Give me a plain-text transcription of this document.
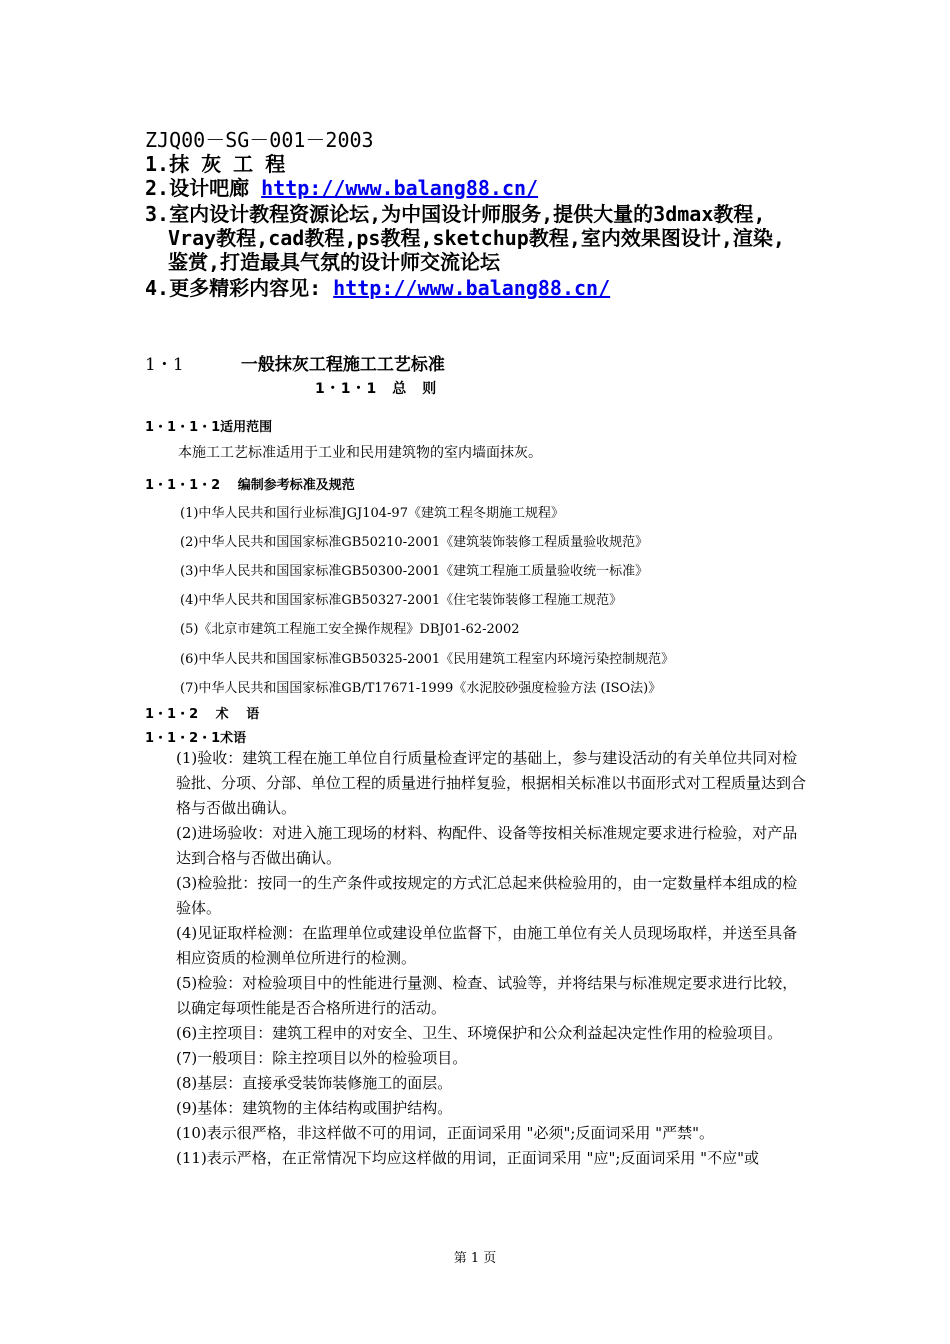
ZJQ00－SG－001－2003
1.抹 灰 工 程
2.设计吧廊 http://www.balang88.cn/
3.室内设计教程资源论坛,为中国设计师服务,提供大量的3dmax教程,
Vray教程,cad教程,ps教程,sketchup教程,室内效果图设计,渲染,
鉴赏,打造最具气氛的设计师交流论坛
4.更多精彩内容见: http://www.balang88.cn/
1・1	一般抹灰工程施工工艺标准
1・1・1　总　则
1・1・1・1适用范围
本施工工艺标准适用于工业和民用建筑物的室内墙面抹灰。
1・1・1・2　 编制参考标准及规范
(1)中华人民共和国行业标准JGJ104-97《建筑工程冬期施工规程》
(2)中华人民共和国国家标准GB50210-2001《建筑装饰装修工程质量验收规范》
(3)中华人民共和国国家标准GB50300-2001《建筑工程施工质量验收统一标准》
(4)中华人民共和国国家标准GB50327-2001《住宅装饰装修工程施工规范》
(5)《北京市建筑工程施工安全操作规程》DBJ01-62-2002
(6)中华人民共和国国家标准GB50325-2001《民用建筑工程室内环境污染控制规范》
(7)中华人民共和国国家标准GB/T17671-1999《水泥胶砂强度检验方法 (ISO法)》
1・1・2　 术　 语
1・1・2・1术语

(1)验收：建筑工程在施工单位自行质量检查评定的基础上，参与建设活动的有关单位共同对检验批、分项、分部、单位工程的质量进行抽样复验，根据相关标准以书面形式对工程质量达到合格与否做出确认。

(2)进场验收：对进入施工现场的材料、构配件、设备等按相关标准规定要求进行检验，对产品达到合格与否做出确认。

(3)检验批：按同一的生产条件或按规定的方式汇总起来供检验用的，由一定数量样本组成的检验体。

(4)见证取样检测：在监理单位或建设单位监督下，由施工单位有关人员现场取样，并送至具备相应资质的检测单位所进行的检测。

(5)检验：对检验项目中的性能进行量测、检查、试验等，并将结果与标准规定要求进行比较，以确定每项性能是否合格所进行的活动。

(6)主控项目：建筑工程申的对安全、卫生、环境保护和公众利益起决定性作用的检验项目。

(7)一般项目：除主控项目以外的检验项目。

(8)基层：直接承受装饰装修施工的面层。

(9)基体：建筑物的主体结构或围护结构。

(10)表示很严格，非这样做不可的用词，正面词采用 "必须";反面词采用 "严禁"。

(11)表示严格，在正常情况下均应这样做的用词，正面词采用 "应";反面词采用 "不应"或

第 1 页
